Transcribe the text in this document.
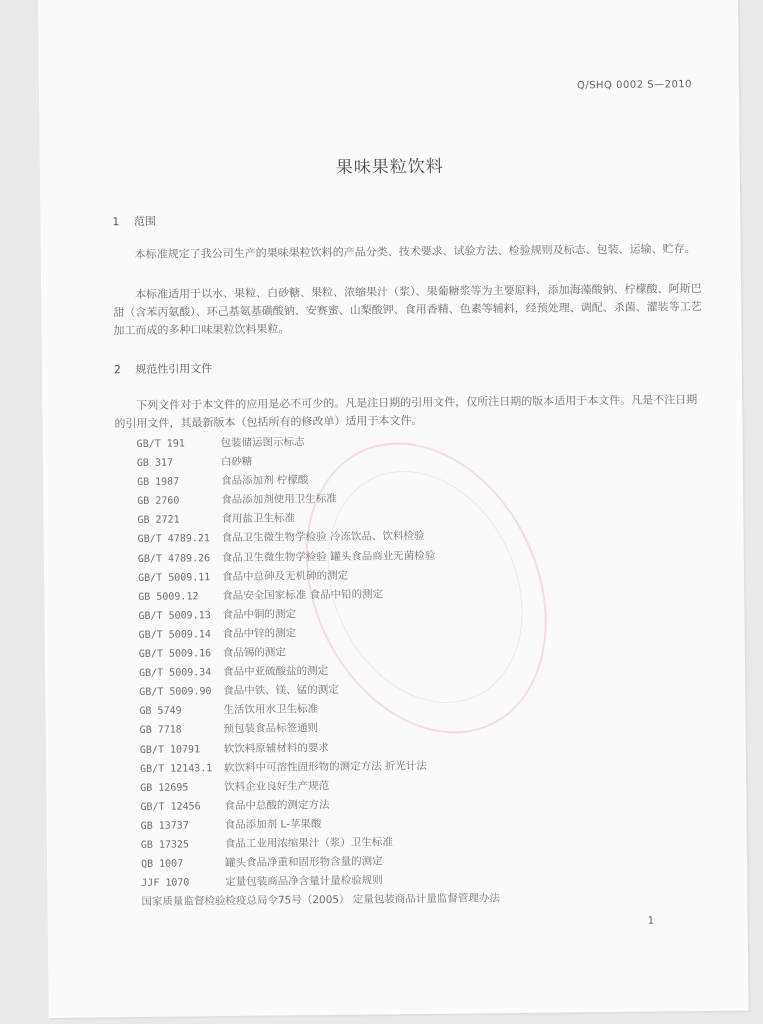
Q/SHQ 0002 S—2010
果味果粒饮料
1 范围

本标准规定了我公司生产的果味果粒饮料的产品分类、技术要求、试验方法、检验规则及标志、包装、运输、贮存。

本标准适用于以水、果粒、白砂糖、果粒、浓缩果汁（浆）、果葡糖浆等为主要原料，添加海藻酸钠、柠檬酸、阿斯巴甜（含苯丙氨酸）、环己基氨基磺酸钠、安赛蜜、山梨酸钾、食用香精、色素等辅料，经预处理、调配、杀菌、灌装等工艺加工而成的多种口味果粒饮料果粒。

2 规范性引用文件

下列文件对于本文件的应用是必不可少的。凡是注日期的引用文件，仅所注日期的版本适用于本文件。凡是不注日期的引用文件，其最新版本（包括所有的修改单）适用于本文件。

GB/T 191	包装储运图示标志
GB 317	白砂糖
GB 1987	食品添加剂 柠檬酸
GB 2760	食品添加剂使用卫生标准
GB 2721	食用盐卫生标准
GB/T 4789.21 食品卫生微生物学检验 冷冻饮品、饮料检验
GB/T 4789.26 食品卫生微生物学检验 罐头食品商业无菌检验
GB/T 5009.11 食品中总砷及无机砷的测定
GB 5009.12 食品安全国家标准 食品中铅的测定
GB/T 5009.13 食品中铜的测定
GB/T 5009.14 食品中锌的测定
GB/T 5009.16 食品锡的测定
GB/T 5009.34 食品中亚硫酸盐的测定
GB/T 5009.90 食品中铁、镁、锰的测定
GB 5749	生活饮用水卫生标准
GB 7718	预包装食品标签通则
GB/T 10791 软饮料原辅材料的要求
GB/T 12143.1 软饮料中可溶性固形物的测定方法 折光计法
GB 12695	饮料企业良好生产规范
GB/T 12456 食品中总酸的测定方法
GB 13737	食品添加剂 L-苹果酸
GB 17325	食品工业用浓缩果汁（浆）卫生标准
QB 1007	罐头食品净重和固形物含量的测定
JJF 1070	定量包装商品净含量计量检验规则
国家质量监督检验检疫总局令75号（2005） 定量包装商品计量监督管理办法
1
